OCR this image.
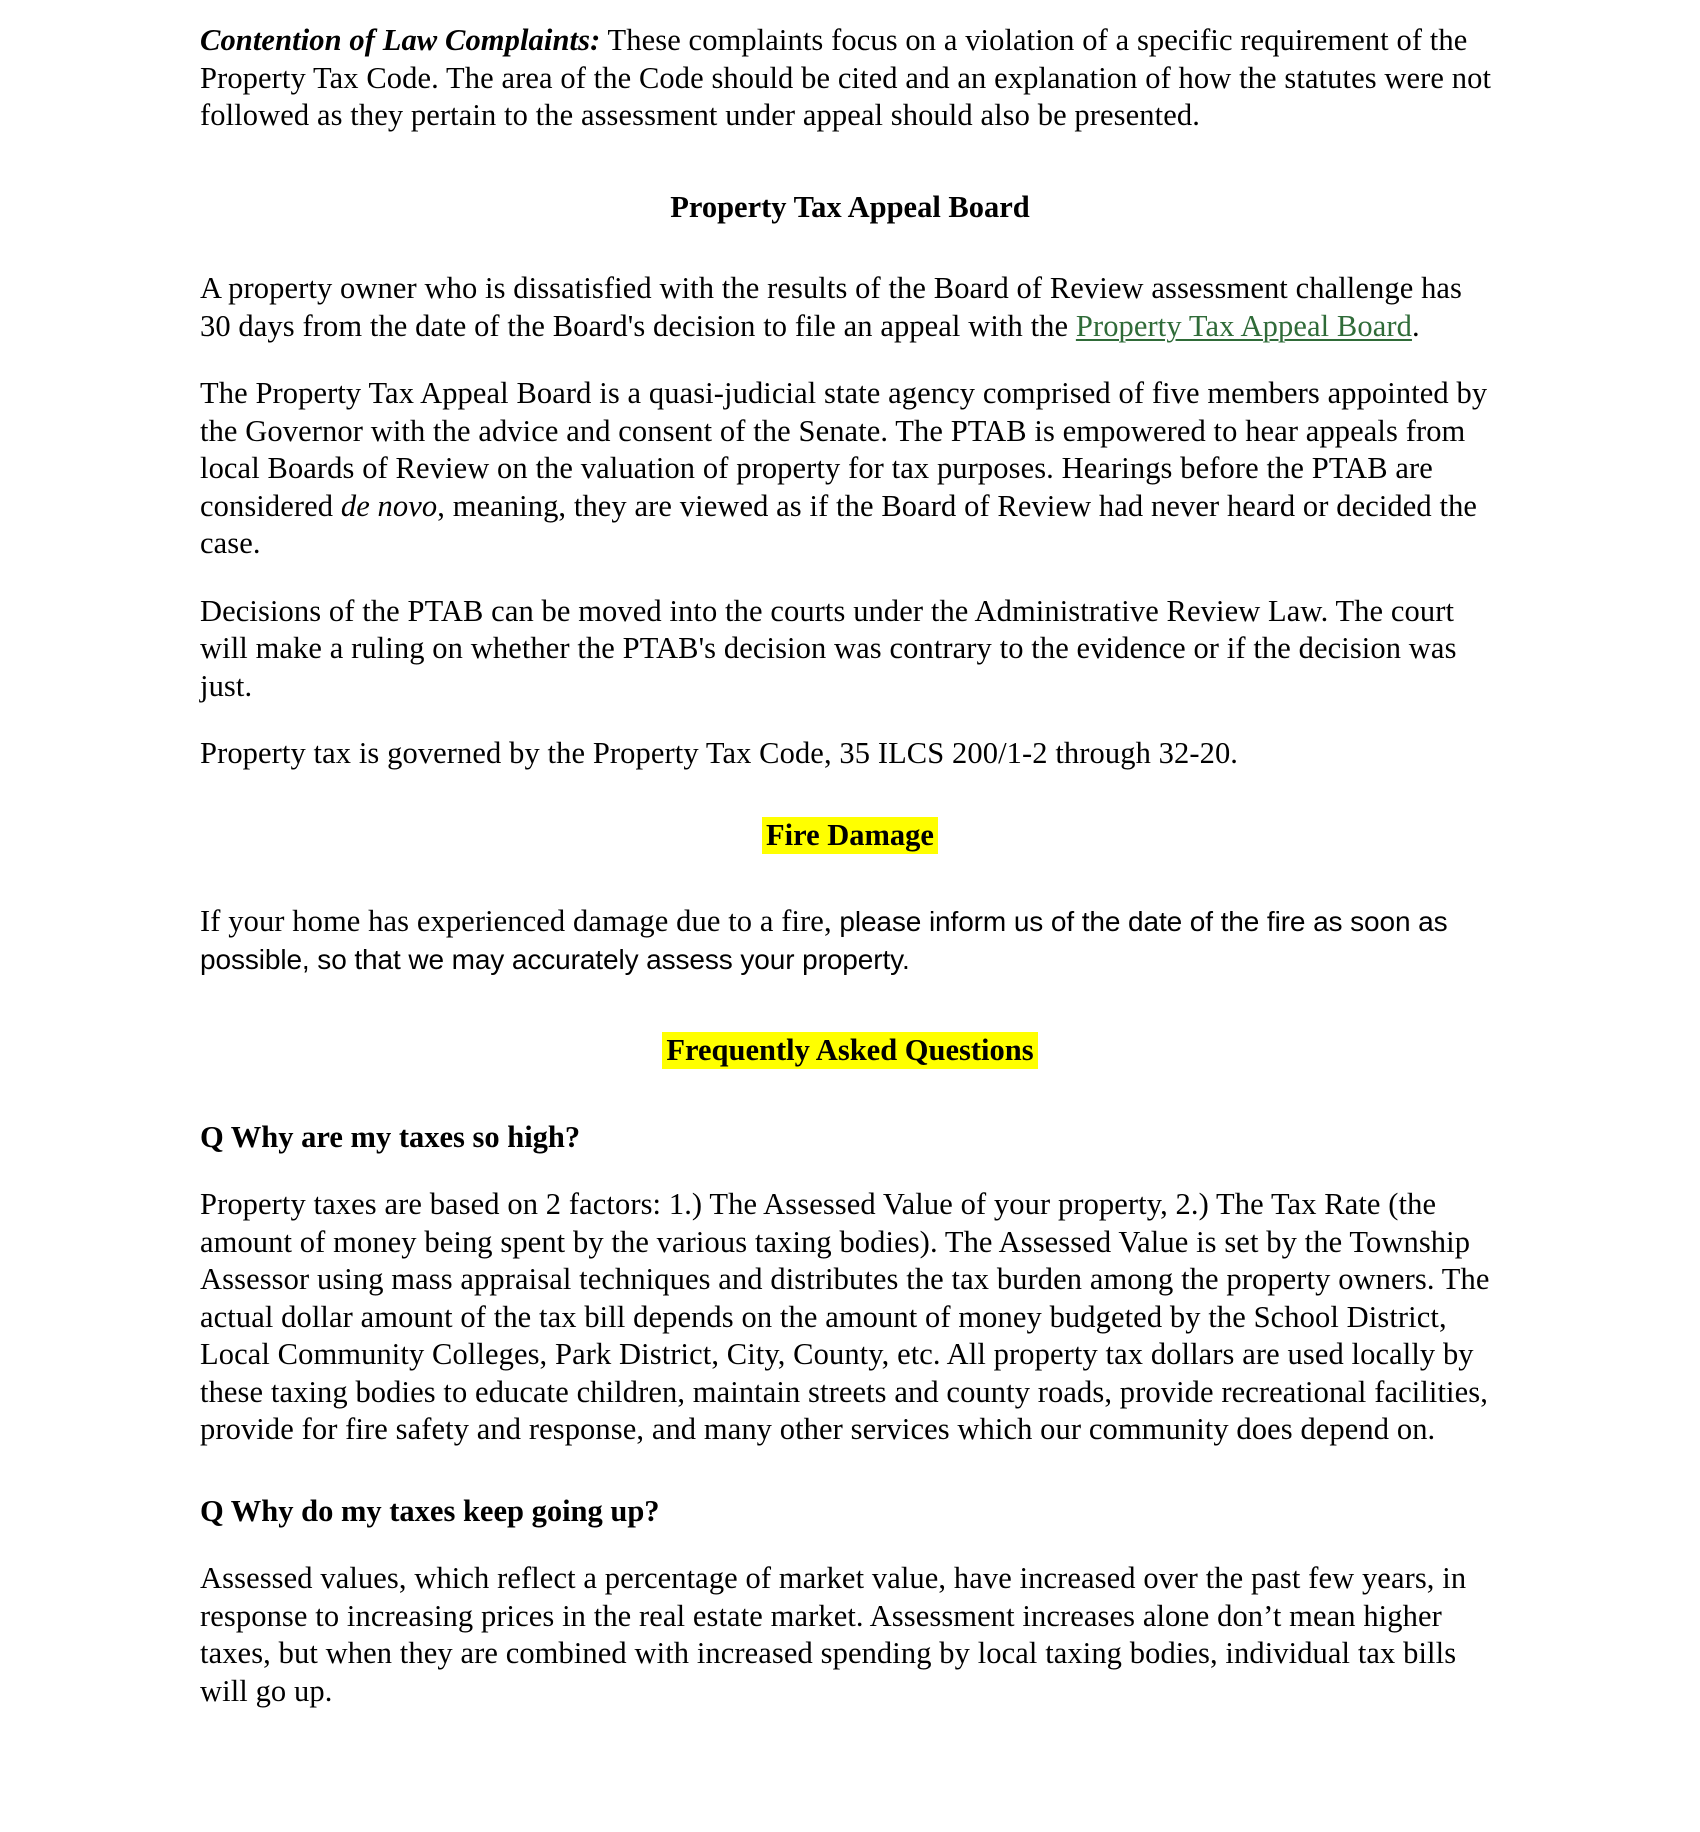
Contention of Law Complaints: These complaints focus on a violation of a specific requirement of the Property Tax Code. The area of the Code should be cited and an explanation of how the statutes were not followed as they pertain to the assessment under appeal should also be presented.

Property Tax Appeal Board

A property owner who is dissatisfied with the results of the Board of Review assessment challenge has 30 days from the date of the Board's decision to file an appeal with the Property Tax Appeal Board.

The Property Tax Appeal Board is a quasi-judicial state agency comprised of five members appointed by the Governor with the advice and consent of the Senate. The PTAB is empowered to hear appeals from local Boards of Review on the valuation of property for tax purposes. Hearings before the PTAB are considered de novo, meaning, they are viewed as if the Board of Review had never heard or decided the case.

Decisions of the PTAB can be moved into the courts under the Administrative Review Law. The court will make a ruling on whether the PTAB's decision was contrary to the evidence or if the decision was just.

Property tax is governed by the Property Tax Code, 35 ILCS 200/1-2 through 32-20.

Fire Damage

If your home has experienced damage due to a fire, please inform us of the date of the fire as soon as possible, so that we may accurately assess your property.

Frequently Asked Questions
Q Why are my taxes so high?

Property taxes are based on 2 factors: 1.) The Assessed Value of your property, 2.) The Tax Rate (the amount of money being spent by the various taxing bodies). The Assessed Value is set by the Township Assessor using mass appraisal techniques and distributes the tax burden among the property owners. The actual dollar amount of the tax bill depends on the amount of money budgeted by the School District, Local Community Colleges, Park District, City, County, etc. All property tax dollars are used locally by these taxing bodies to educate children, maintain streets and county roads, provide recreational facilities, provide for fire safety and response, and many other services which our community does depend on.

Q Why do my taxes keep going up?

Assessed values, which reflect a percentage of market value, have increased over the past few years, in response to increasing prices in the real estate market. Assessment increases alone don’t mean higher taxes, but when they are combined with increased spending by local taxing bodies, individual tax bills will go up.
